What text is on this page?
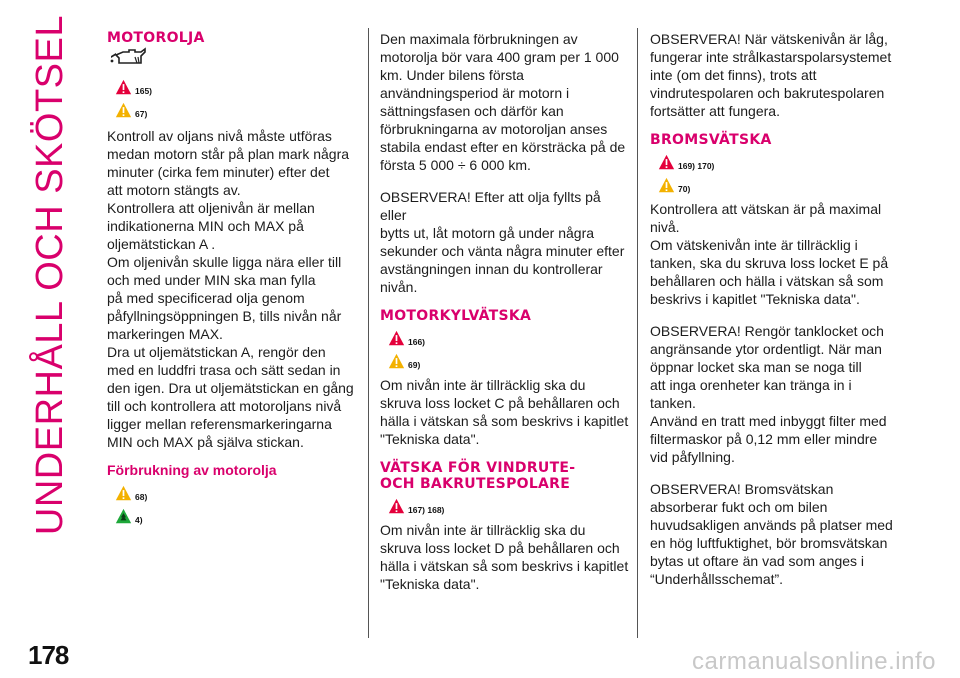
UNDERHÅLL OCH SKÖTSEL	MOTOROLJA
165)
67)
Kontroll av oljans nivå måste utföras
medan motorn står på plan mark några
minuter (cirka fem minuter) efter det
att motorn stängts av.
Kontrollera att oljenivån är mellan
indikationerna MIN och MAX på
oljemätstickan A .
Om oljenivån skulle ligga nära eller till
och med under MIN ska man fylla
på med specificerad olja genom
påfyllningsöppningen B, tills nivån når
markeringen MAX.
Dra ut oljemätstickan A, rengör den
med en luddfri trasa och sätt sedan in
den igen. Dra ut oljemätstickan en gång
till och kontrollera att motoroljans nivå
ligger mellan referensmarkeringarna
MIN och MAX på själva stickan.
Förbrukning av motorolja
68)
4)
Den maximala förbrukningen av
motorolja bör vara 400 gram per 1 000
km. Under bilens första
användningsperiod är motorn i
sättningsfasen och därför kan
förbrukningarna av motoroljan anses
stabila endast efter en körsträcka på de
första 5 000 ÷ 6 000 km.
OBSERVERA! Efter att olja fyllts på eller
bytts ut, låt motorn gå under några
sekunder och vänta några minuter efter
avstängningen innan du kontrollerar
nivån.
MOTORKYLVÄTSKA
166)
69)
Om nivån inte är tillräcklig ska du
skruva loss locket C på behållaren och
hälla i vätskan så som beskrivs i kapitlet
"Tekniska data".
VÄTSKA FÖR VINDRUTE-
OCH BAKRUTESPOLARE
167) 168)
Om nivån inte är tillräcklig ska du
skruva loss locket D på behållaren och
hälla i vätskan så som beskrivs i kapitlet
"Tekniska data".
OBSERVERA! När vätskenivån är låg,
fungerar inte strålkastarspolarsystemet
inte (om det finns), trots att
vindrutespolaren och bakrutespolaren
fortsätter att fungera.
BROMSVÄTSKA
169) 170)
70)
Kontrollera att vätskan är på maximal
nivå.
Om vätskenivån inte är tillräcklig i
tanken, ska du skruva loss locket E på
behållaren och hälla i vätskan så som
beskrivs i kapitlet "Tekniska data".
OBSERVERA! Rengör tanklocket och
angränsande ytor ordentligt. När man
öppnar locket ska man se noga till
att inga orenheter kan tränga in i
tanken.
Använd en tratt med inbyggt filter med
filtermaskor på 0,12 mm eller mindre
vid påfyllning.
OBSERVERA! Bromsvätskan
absorberar fukt och om bilen
huvudsakligen används på platser med
en hög luftfuktighet, bör bromsvätskan
bytas ut oftare än vad som anges i
“Underhållsschemat”.
178	carmanualsonline.info
